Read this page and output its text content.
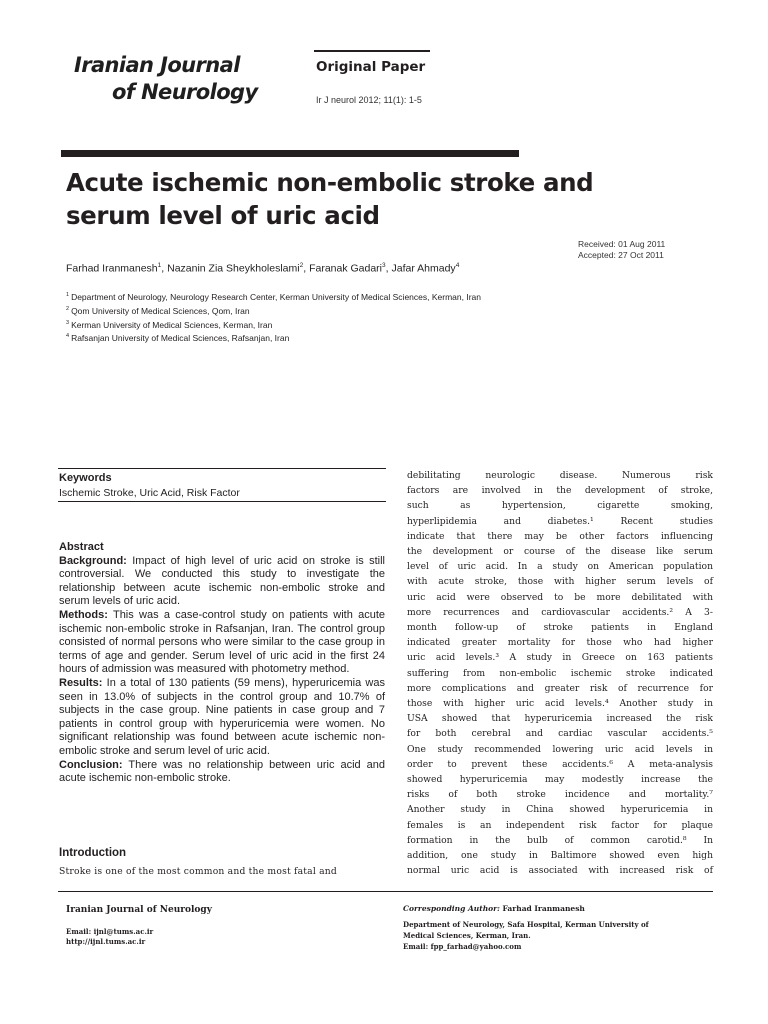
Iranian Journal
of Neurology
Original Paper
Ir J neurol 2012; 11(1): 1-5
Acute ischemic non-embolic stroke and
serum level of uric acid
Received: 01 Aug 2011
Accepted: 27 Oct 2011
Farhad Iranmanesh$^1$, Nazanin Zia Sheykholeslami$^2$, Faranak Gadari$^3$, Jafar Ahmady$^4$
$^1$ Department of Neurology, Neurology Research Center, Kerman University of Medical Sciences, Kerman, Iran
$^2$ Qom University of Medical Sciences, Qom, Iran
$^3$ Kerman University of Medical Sciences, Kerman, Iran
$^4$ Rafsanjan University of Medical Sciences, Rafsanjan, Iran
Keywords
Ischemic Stroke, Uric Acid, Risk Factor

Abstract

Background: Impact of high level of uric acid on stroke is still controversial. We conducted this study to investigate the relationship between acute ischemic non-embolic stroke and serum levels of uric acid.

Methods: This was a case-control study on patients with acute ischemic non-embolic stroke in Rafsanjan, Iran. The control group consisted of normal persons who were similar to the case group in terms of age and gender. Serum level of uric acid in the first 24 hours of admission was measured with photometry method.

Results: In a total of 130 patients (59 mens), hyperuricemia was seen in 13.0% of subjects in the control group and 10.7% of subjects in the case group. Nine patients in case group and 7 patients in control group with hyperuricemia were women. No significant relationship was found between acute ischemic non-embolic stroke and serum level of uric acid.

Conclusion: There was no relationship between uric acid and acute ischemic non-embolic stroke.

Introduction
Stroke is one of the most common and the most fatal and
debilitating neurologic disease. Numerous risk
factors are involved in the development of stroke,
such as hypertension, cigarette smoking,
hyperlipidemia and diabetes.¹ Recent studies
indicate that there may be other factors influencing
the development or course of the disease like serum
level of uric acid. In a study on American population
with acute stroke, those with higher serum levels of
uric acid were observed to be more debilitated with
more recurrences and cardiovascular accidents.² A 3-
month follow-up of stroke patients in England
indicated greater mortality for those who had higher
uric acid levels.³ A study in Greece on 163 patients
suffering from non-embolic ischemic stroke indicated
more complications and greater risk of recurrence for
those with higher uric acid levels.⁴ Another study in
USA showed that hyperuricemia increased the risk
for both cerebral and cardiac vascular accidents.⁵
One study recommended lowering uric acid levels in
order to prevent these accidents.⁶ A meta-analysis
showed hyperuricemia may modestly increase the
risks of both stroke incidence and mortality.⁷
Another study in China showed hyperuricemia in
females is an independent risk factor for plaque
formation in the bulb of common carotid.⁸ In
addition, one study in Baltimore showed even high
normal uric acid is associated with increased risk of
Iranian Journal of Neurology
Email: ijnl@tums.ac.ir
http://ijnl.tums.ac.ir
Corresponding Author: Farhad Iranmanesh
Department of Neurology, Safa Hospital, Kerman University of
Medical Sciences, Kerman, Iran.
Email: fpp_farhad@yahoo.com
